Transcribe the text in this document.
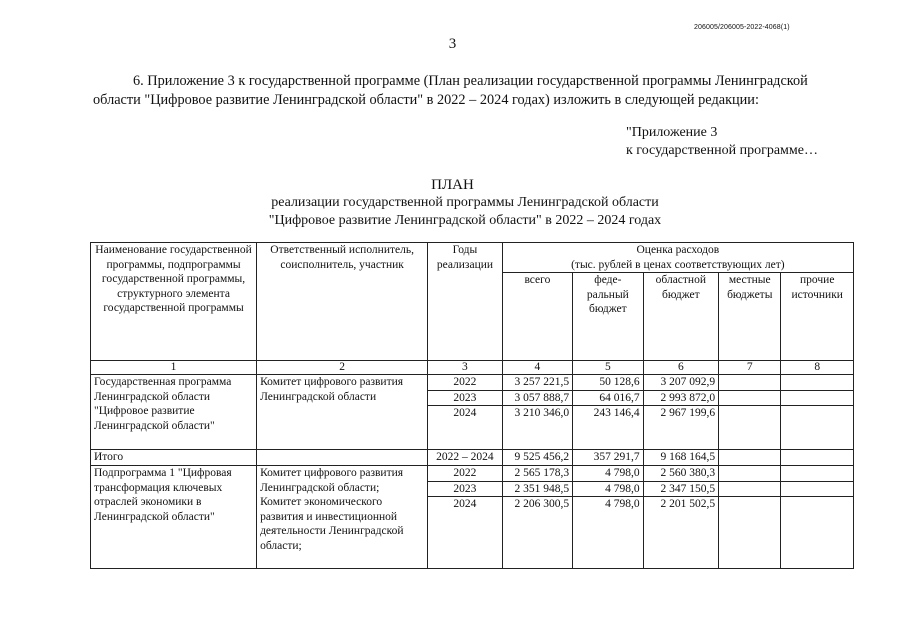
206005/206005-2022-4068(1)
3

6. Приложение 3 к государственной программе (План реализации государственной программы Ленинградской
области "Цифровое развитие Ленинградской области" в 2022 – 2024 годах) изложить в следующей редакции:

"Приложение 3
к государственной программе…
ПЛАН
реализации государственной программы Ленинградской области
"Цифровое развитие Ленинградской области" в 2022 – 2024 годах
Наименование государственной программы, подпрограммы государственной программы, структурного элемента государственной программы	Ответственный исполнитель, соисполнитель, участник	Годы реализации	Оценка расходов
(тыс. рублей в ценах соответствующих лет)				

			всего	феде-ральный бюджет	областной бюджет	местные бюджеты	прочие источники
1	2	3	4	5	6	7	8
Государственная программа Ленинградской области "Цифровое развитие Ленинградской области"	Комитет цифрового развития Ленинградской области	2022	3 257 221,5	50 128,6	3 207 092,9		
		2023	3 057 888,7	64 016,7	2 993 872,0		
		2024	3 210 346,0	243 146,4	2 967 199,6		
Итого		2022 – 2024	9 525 456,2	357 291,7	9 168 164,5		
Подпрограмма 1 "Цифровая трансформация ключевых отраслей экономики в Ленинградской области"	Комитет цифрового развития Ленинградской области;
Комитет экономического развития и инвестиционной деятельности Ленинградской области;	2022	2 565 178,3	4 798,0	2 560 380,3		
		2023	2 351 948,5	4 798,0	2 347 150,5		
		2024	2 206 300,5	4 798,0	2 201 502,5		
